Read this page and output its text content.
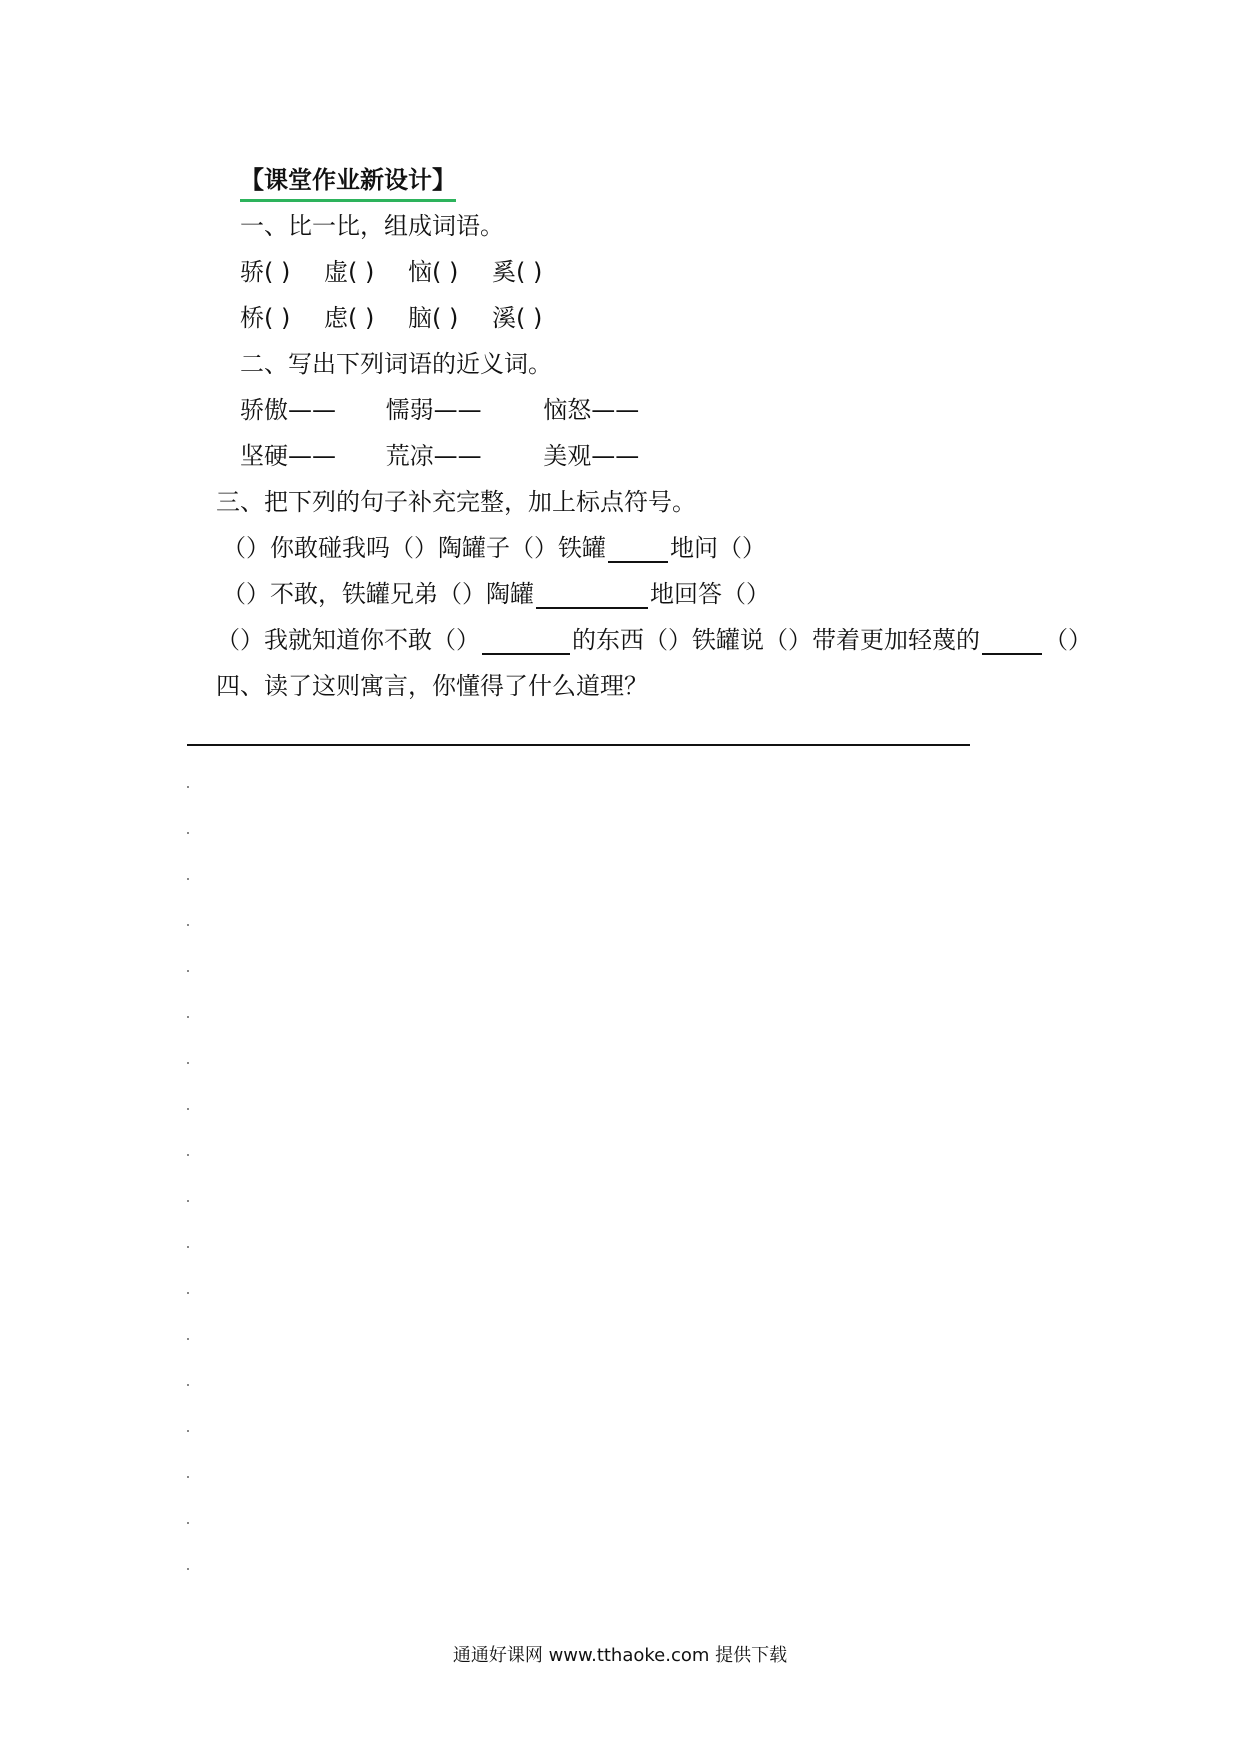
【课堂作业新设计】
一、比一比，组成词语。
骄( ) 虚( ) 恼( ) 奚( )
桥( ) 虑( ) 脑( ) 溪( )
二、写出下列词语的近义词。
骄傲—— 懦弱——	恼怒——
坚硬—— 荒凉——	美观——
三、把下列的句子补充完整，加上标点符号。
（）你敢碰我吗（）陶罐子（）铁罐	地问（）
（）不敢，铁罐兄弟（）陶罐	地回答（）
（）我就知道你不敢（）	的东西（）铁罐说（）带着更加轻蔑的	（）
四、读了这则寓言，你懂得了什么道理？
通通好课网 www.tthaoke.com 提供下载
